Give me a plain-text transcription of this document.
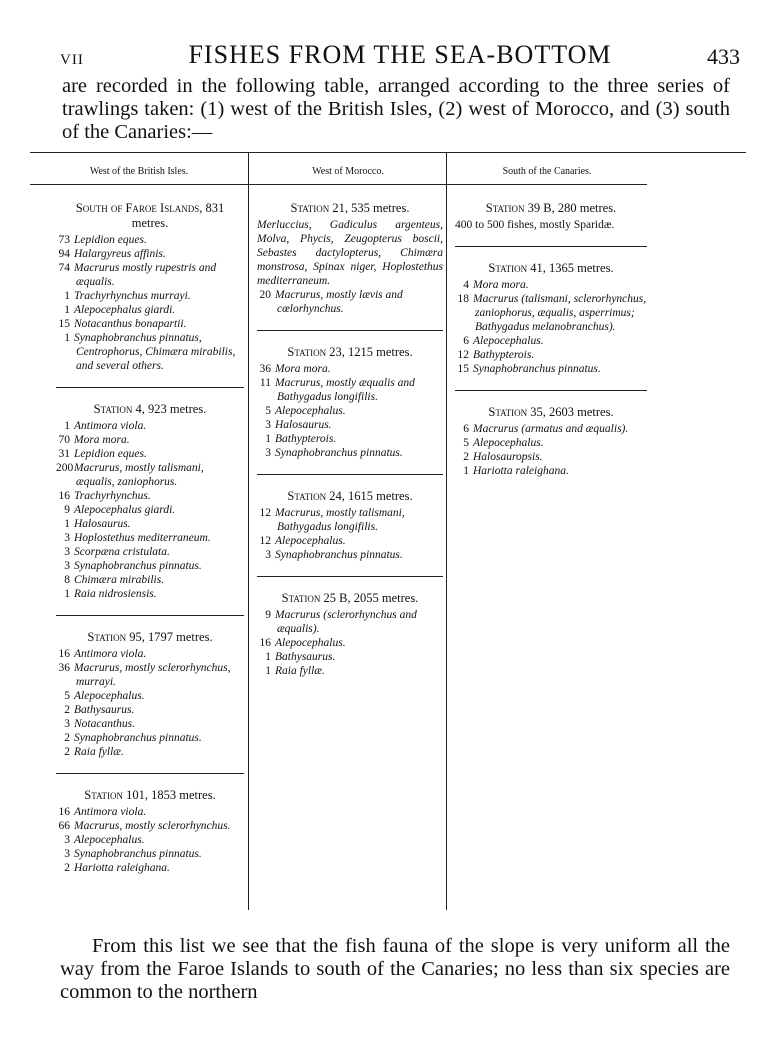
VII	FISHES FROM THE SEA-BOTTOM	433

are recorded in the following table, arranged according to the three series of trawlings taken: (1) west of the British Isles, (2) west of Morocco, and (3) south of the Canaries:—

West of the British Isles.
South of Faroe Islands, 831 metres.
73 Lepidion eques.
94 Halargyreus affinis.
74 Macrurus mostly rupestris and æqualis.
1 Trachyrhynchus murrayi.
1 Alepocephalus giardi.
15 Notacanthus bonapartii.
1 Synaphobranchus pinnatus, Centrophorus, Chimæra mirabilis, and several others.
Station 4, 923 metres.
1 Antimora viola.
70 Mora mora.
31 Lepidion eques.
200Macrurus, mostly talismani, æqualis, zaniophorus.
16 Trachyrhynchus.
9 Alepocephalus giardi.
1 Halosaurus.
3 Hoplostethus mediterraneum.
3 Scorpæna cristulata.
3 Synaphobranchus pinnatus.
8 Chimæra mirabilis.
1 Raia nidrosiensis.
Station 95, 1797 metres.
16 Antimora viola.
36 Macrurus, mostly sclerorhynchus, murrayi.
5 Alepocephalus.
2 Bathysaurus.
3 Notacanthus.
2 Synaphobranchus pinnatus.
2 Raia fyllæ.
Station 101, 1853 metres.
16 Antimora viola.
66 Macrurus, mostly sclerorhynchus.
3 Alepocephalus.
3 Synaphobranchus pinnatus.
2 Hariotta raleighana.
West of Morocco.
Station 21, 535 metres.
Merluccius, Gadiculus argenteus, Molva, Phycis, Zeugopterus boscii, Sebastes dactylopterus, Chimæra monstrosa, Spinax niger, Hoplostethus mediterraneum.
20 Macrurus, mostly lævis and cœlorhynchus.
Station 23, 1215 metres.
36 Mora mora.
11 Macrurus, mostly æqualis and Bathygadus longifilis.
5 Alepocephalus.
3 Halosaurus.
1 Bathypterois.
3 Synaphobranchus pinnatus.
Station 24, 1615 metres.
12 Macrurus, mostly talismani, Bathygadus longifilis.
12 Alepocephalus.
3 Synaphobranchus pinnatus.
Station 25 B, 2055 metres.
9 Macrurus (sclerorhynchus and æqualis).
16 Alepocephalus.
1 Bathysaurus.
1 Raia fyllæ.
South of the Canaries.
Station 39 B, 280 metres.
400 to 500 fishes, mostly Sparidæ.
Station 41, 1365 metres.
4 Mora mora.
18 Macrurus (talismani, sclerorhynchus, zaniophorus, æqualis, asperrimus; Bathygadus melanobranchus).
6 Alepocephalus.
12 Bathypterois.
15 Synaphobranchus pinnatus.
Station 35, 2603 metres.
6 Macrurus (armatus and æqualis).
5 Alepocephalus.
2 Halosauropsis.
1 Hariotta raleighana.

From this list we see that the fish fauna of the slope is very uniform all the way from the Faroe Islands to south of the Canaries; no less than six species are common to the northern
